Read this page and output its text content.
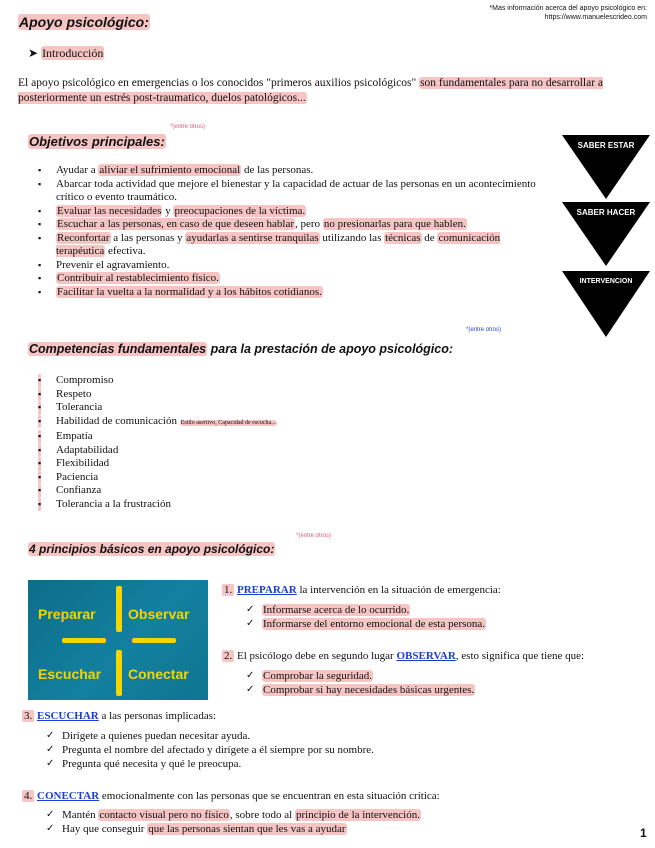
*Mas información acerca del apoyo psicológico en:
https://www.manuelescrideo.com
Apoyo psicológico:
➤ Introducción
El apoyo psicológico en emergencias o los conocidos "primeros auxilios psicológicos" son fundamentales para no desarrollar a posteriormente un estrés post-traumatico, duelos patológicos...
Objetivos principales:
*(entre otros)
▪ Ayudar a aliviar el sufrimiento emocional de las personas.
▪ Abarcar toda actividad que mejore el bienestar y la capacidad de actuar de las personas en un acontecimiento crítico o evento traumático.
▪ Evaluar las necesidades y preocupaciones de la víctima.
▪ Escuchar a las personas, en caso de que deseen hablar, pero no presionarlas para que hablen.
▪ Reconfortar a las personas y ayudarlas a sentirse tranquilas utilizando las técnicas de comunicación terapéutica efectiva.
▪ Prevenir el agravamiento.
▪ Contribuir al restablecimiento físico.
▪ Facilitar la vuelta a la normalidad y a los hábitos cotidianos.
SABER ESTAR
SABER HACER
INTERVENCION
*(entre otros)
Competencias fundamentales para la prestación de apoyo psicológico:
▪ Compromiso
▪ Respeto
▪ Tolerancia
▪ Habilidad de comunicación Estilo asertivo, Capacidad de escucha...
▪ Empatía
▪ Adaptabilidad
▪ Flexibilidad
▪ Paciencia
▪ Confianza
▪ Tolerancia a la frustración
4 principios básicos en apoyo psicológico:
*(entre otros)
Preparar Observar
Escuchar Conectar
1. PREPARAR la intervención en la situación de emergencia:
✓ Informarse acerca de lo ocurrido.
✓ Informarse del entorno emocional de esta persona.
2. El psicólogo debe en segundo lugar OBSERVAR, esto significa que tiene que:
✓ Comprobar la seguridad.
✓ Comprobar si hay necesidades básicas urgentes.
3. ESCUCHAR a las personas implicadas:
✓ Dirígete a quienes puedan necesitar ayuda.
✓ Pregunta el nombre del afectado y dirígete a él siempre por su nombre.
✓ Pregunta qué necesita y qué le preocupa.
4. CONECTAR emocionalmente con las personas que se encuentran en esta situación crítica:
✓ Mantén contacto visual pero no físico, sobre todo al principio de la intervención.
✓ Hay que conseguir que las personas sientan que les vas a ayudar	1
